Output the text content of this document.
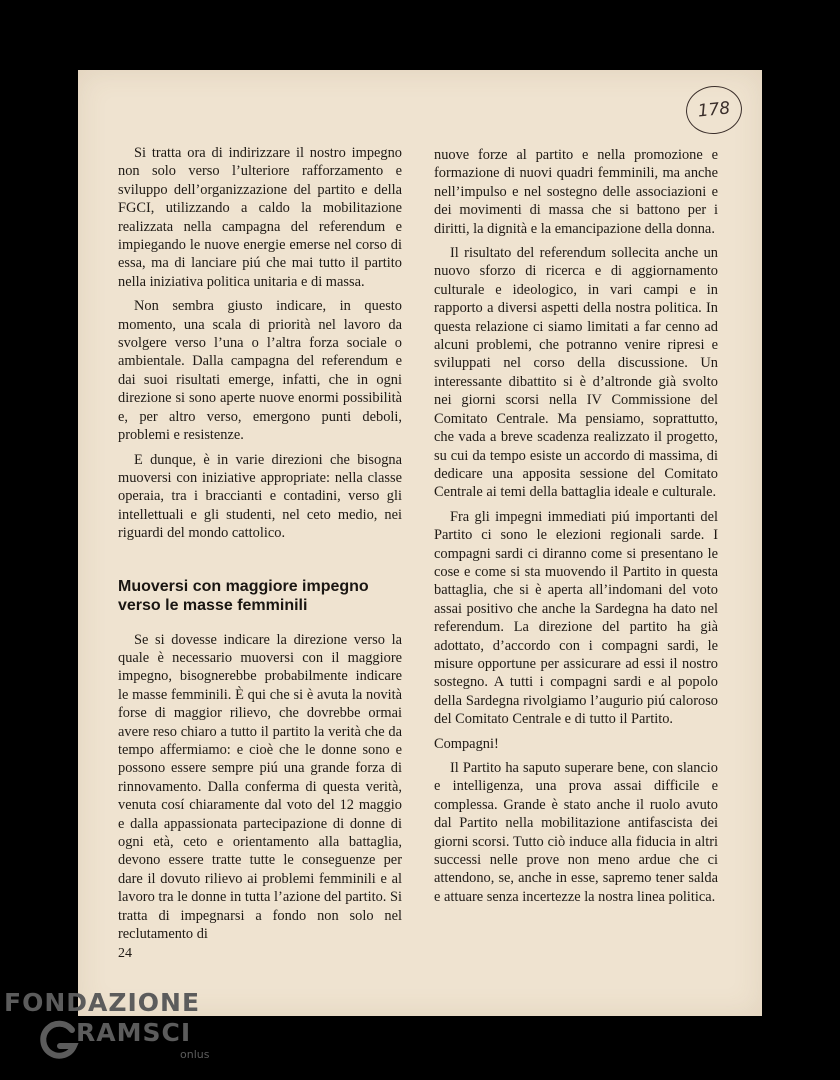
178

Si tratta ora di indirizzare il nostro impegno non solo verso l’ulteriore rafforzamento e sviluppo dell’organizzazione del partito e della FGCI, utilizzando a caldo la mobilitazione realizzata nella campagna del referendum e impiegando le nuove energie emerse nel corso di essa, ma di lanciare piú che mai tutto il partito nella iniziativa politica unitaria e di massa.

Non sembra giusto indicare, in questo momento, una scala di priorità nel lavoro da svolgere verso l’una o l’altra forza sociale o ambientale. Dalla campagna del referendum e dai suoi risultati emerge, infatti, che in ogni direzione si sono aperte nuove enormi possibilità e, per altro verso, emergono punti deboli, problemi e resistenze.

E dunque, è in varie direzioni che bisogna muoversi con iniziative appropriate: nella classe operaia, tra i braccianti e contadini, verso gli intellettuali e gli studenti, nel ceto medio, nei riguardi del mondo cattolico.

Muoversi con maggiore impegno verso le masse femminili

Se si dovesse indicare la direzione verso la quale è necessario muoversi con il maggiore impegno, bisognerebbe probabilmente indicare le masse femminili. È qui che si è avuta la novità forse di maggior rilievo, che dovrebbe ormai avere reso chiaro a tutto il partito la verità che da tempo affermiamo: e cioè che le donne sono e possono essere sempre piú una grande forza di rinnovamento. Dalla conferma di questa verità, venuta cosí chiaramente dal voto del 12 maggio e dalla appassionata partecipazione di donne di ogni età, ceto e orientamento alla battaglia, devono essere tratte tutte le conseguenze per dare il dovuto rilievo ai problemi femminili e al lavoro tra le donne in tutta l’azione del partito. Si tratta di impegnarsi a fondo non solo nel reclutamento di

nuove forze al partito e nella promozione e formazione di nuovi quadri femminili, ma anche nell’impulso e nel sostegno delle associazioni e dei movimenti di massa che si battono per i diritti, la dignità e la emancipazione della donna.

Il risultato del referendum sollecita anche un nuovo sforzo di ricerca e di aggiornamento culturale e ideologico, in vari campi e in rapporto a diversi aspetti della nostra politica. In questa relazione ci siamo limitati a far cenno ad alcuni problemi, che potranno venire ripresi e sviluppati nel corso della discussione. Un interessante dibattito si è d’altronde già svolto nei giorni scorsi nella IV Commissione del Comitato Centrale. Ma pensiamo, soprattutto, che vada a breve scadenza realizzato il progetto, su cui da tempo esiste un accordo di massima, di dedicare una apposita sessione del Comitato Centrale ai temi della battaglia ideale e culturale.

Fra gli impegni immediati piú importanti del Partito ci sono le elezioni regionali sarde. I compagni sardi ci diranno come si presentano le cose e come si sta muovendo il Partito in questa battaglia, che si è aperta all’indomani del voto assai positivo che anche la Sardegna ha dato nel referendum. La direzione del partito ha già adottato, d’accordo con i compagni sardi, le misure opportune per assicurare ad essi il nostro sostegno. A tutti i compagni sardi e al popolo della Sardegna rivolgiamo l’augurio piú caloroso del Comitato Centrale e di tutto il Partito.

Compagni!

Il Partito ha saputo superare bene, con slancio e intelligenza, una prova assai difficile e complessa. Grande è stato anche il ruolo avuto dal Partito nella mobilitazione antifascista dei giorni scorsi. Tutto ciò induce alla fiducia in altri successi nelle prove non meno ardue che ci attendono, se, anche in esse, sapremo tener salda e attuare senza incertezze la nostra linea politica.

24
FONDAZIONE
RAMSCI
onlus
